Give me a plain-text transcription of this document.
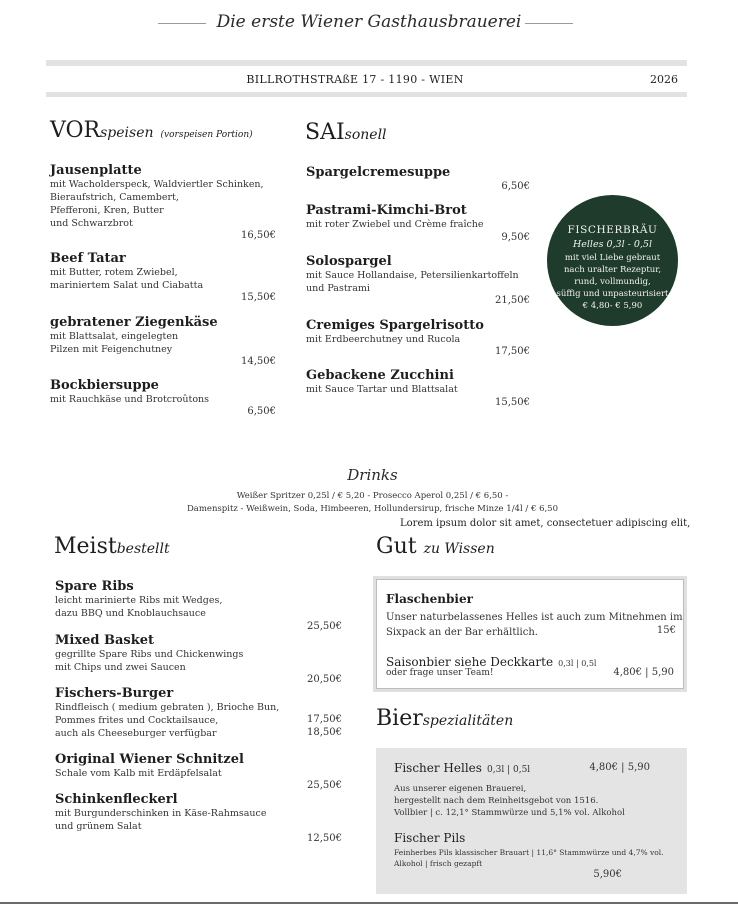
Die erste Wiener Gasthausbrauerei
BILLROTHSTRAßE 17 - 1190 - WIEN	2026
VORspeisen (vorspeisen Portion)
Jausenplatte
mit Wacholderspeck, Waldviertler Schinken,
Bieraufstrich, Camembert,
Pfefferoni, Kren, Butter
und Schwarzbrot
16,50€
Beef Tatar
mit Butter, rotem Zwiebel,
mariniertem Salat und Ciabatta
15,50€
gebratener Ziegenkäse
mit Blattsalat, eingelegten
Pilzen mit Feigenchutney
14,50€
Bockbiersuppe
mit Rauchkäse und Brotcroûtons
6,50€
SAIsonell
Spargelcremesuppe
6,50€
Pastrami-Kimchi-Brot
mit roter Zwiebel und Crème fraîche
9,50€
Solospargel
mit Sauce Hollandaise, Petersilienkartoffeln
und Pastrami
21,50€
Cremiges Spargelrisotto
mit Erdbeerchutney und Rucola
17,50€
Gebackene Zucchini
mit Sauce Tartar und Blattsalat
15,50€
FISCHERBRÄU
Helles 0,3l - 0,5l
mit viel Liebe gebraut
nach uralter Rezeptur,
rund, vollmundig,
süffig und unpasteurisiert
€ 4,80- € 5,90
Drinks
Weißer Spritzer 0,25l / € 5,20 - Prosecco Aperol 0,25l / € 6,50 -
Damenspitz - Weißwein, Soda, Himbeeren, Hollundersirup, frische Minze 1/4l / € 6,50
Lorem ipsum dolor sit amet, consectetuer adipiscing elit,
Meistbestellt
Spare Ribs
leicht marinierte Ribs mit Wedges,
dazu BBQ und Knoblauchsauce
25,50€
Mixed Basket
gegrillte Spare Ribs und Chickenwings
mit Chips und zwei Saucen
20,50€
Fischers-Burger
Rindfleisch ( medium gebraten ), Brioche Bun,
Pommes frites und Cocktailsauce,
auch als Cheeseburger verfügbar
17,50€
18,50€
Original Wiener Schnitzel
Schale vom Kalb mit Erdäpfelsalat
25,50€
Schinkenfleckerl
mit Burgunderschinken in Käse-Rahmsauce
und grünem Salat
12,50€
Gut zu Wissen
Flaschenbier
Unser naturbelassenes Helles ist auch zum Mitnehmen im
Sixpack an der Bar erhältlich.	15€
Saisonbier siehe Deckkarte 0,3l | 0,5l
oder frage unser Team!	4,80€ | 5,90
Bierspezialitäten
Fischer Helles 0,3l | 0,5l	4,80€ | 5,90
Aus unserer eigenen Brauerei,
hergestellt nach dem Reinheitsgebot von 1516.
Vollbier | c. 12,1° Stammwürze und 5,1% vol. Alkohol
Fischer Pils
Feinherbes Pils klassischer Brauart | 11,6° Stammwürze und 4,7% vol.
Alkohol | frisch gezapft
5,90€
